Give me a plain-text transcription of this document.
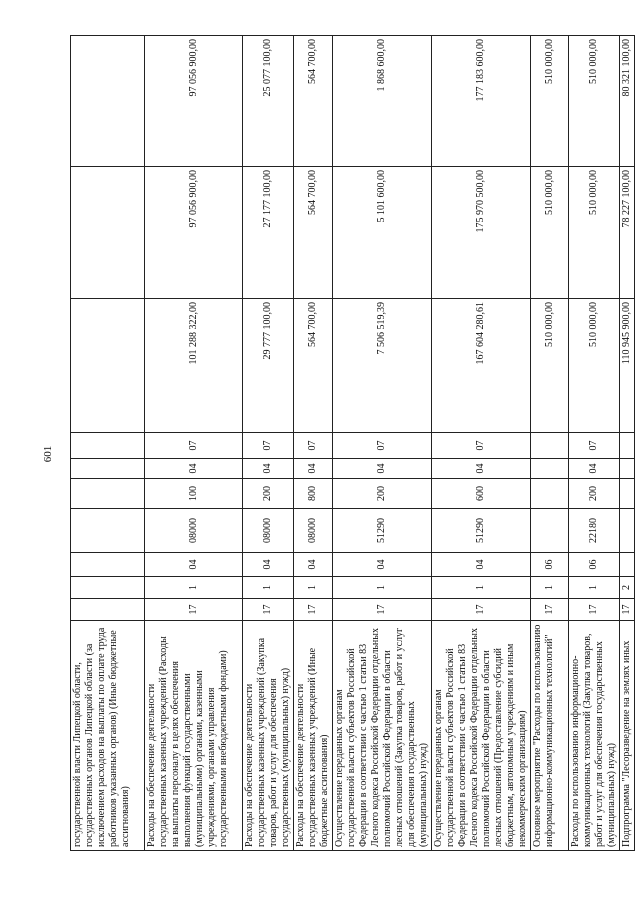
601
государственной власти Липецкой области, государственных органов Липецкой области (за исключением расходов на выплаты по оплате труда работников указанных органов) (Иные бюджетные ассигнования)										
Расходы на обеспечение деятельности государственных казенных учреждений (Расходы на выплаты персоналу в целях обеспечения выполнения функций государственными (муниципальными) органами, казенными учреждениями, органами управления государственными внебюджетными фондами)	17	1	04	08000	100	04	07	101 288 322,00	97 056 900,00	97 056 900,00
Расходы на обеспечение деятельности государственных казенных учреждений (Закупка товаров, работ и услуг для обеспечения государственных (муниципальных) нужд)	17	1	04	08000	200	04	07	29 777 100,00	27 177 100,00	25 077 100,00
Расходы на обеспечение деятельности государственных казенных учреждений (Иные бюджетные ассигнования)	17	1	04	08000	800	04	07	564 700,00	564 700,00	564 700,00
Осуществление переданных органам государственной власти субъектов Российской Федерации в соответствии с частью 1 статьи 83 Лесного кодекса Российской Федерации отдельных полномочий Российской Федерации в области лесных отношений (Закупка товаров, работ и услуг для обеспечения государственных (муниципальных) нужд)	17	1	04	51290	200	04	07	7 506 519,39	5 101 600,00	1 868 600,00
Осуществление переданных органам государственной власти субъектов Российской Федерации в соответствии с частью 1 статьи 83 Лесного кодекса Российской Федерации отдельных полномочий Российской Федерации в области лесных отношений (Предоставление субсидий бюджетным, автономным учреждениям и иным некоммерческим организациям)	17	1	04	51290	600	04	07	167 604 280,61	175 970 500,00	177 183 600,00
Основное мероприятие "Расходы по использованию информационно-коммуникационных технологий"	17	1	06					510 000,00	510 000,00	510 000,00
Расходы по использованию информационно-коммуникационных технологий (Закупка товаров, работ и услуг для обеспечения государственных (муниципальных) нужд)	17	1	06	22180	200	04	07	510 000,00	510 000,00	510 000,00
Подпрограмма "Лесоразведение на землях иных	17	2						110 945 900,00	78 227 100,00	80 321 100,00
